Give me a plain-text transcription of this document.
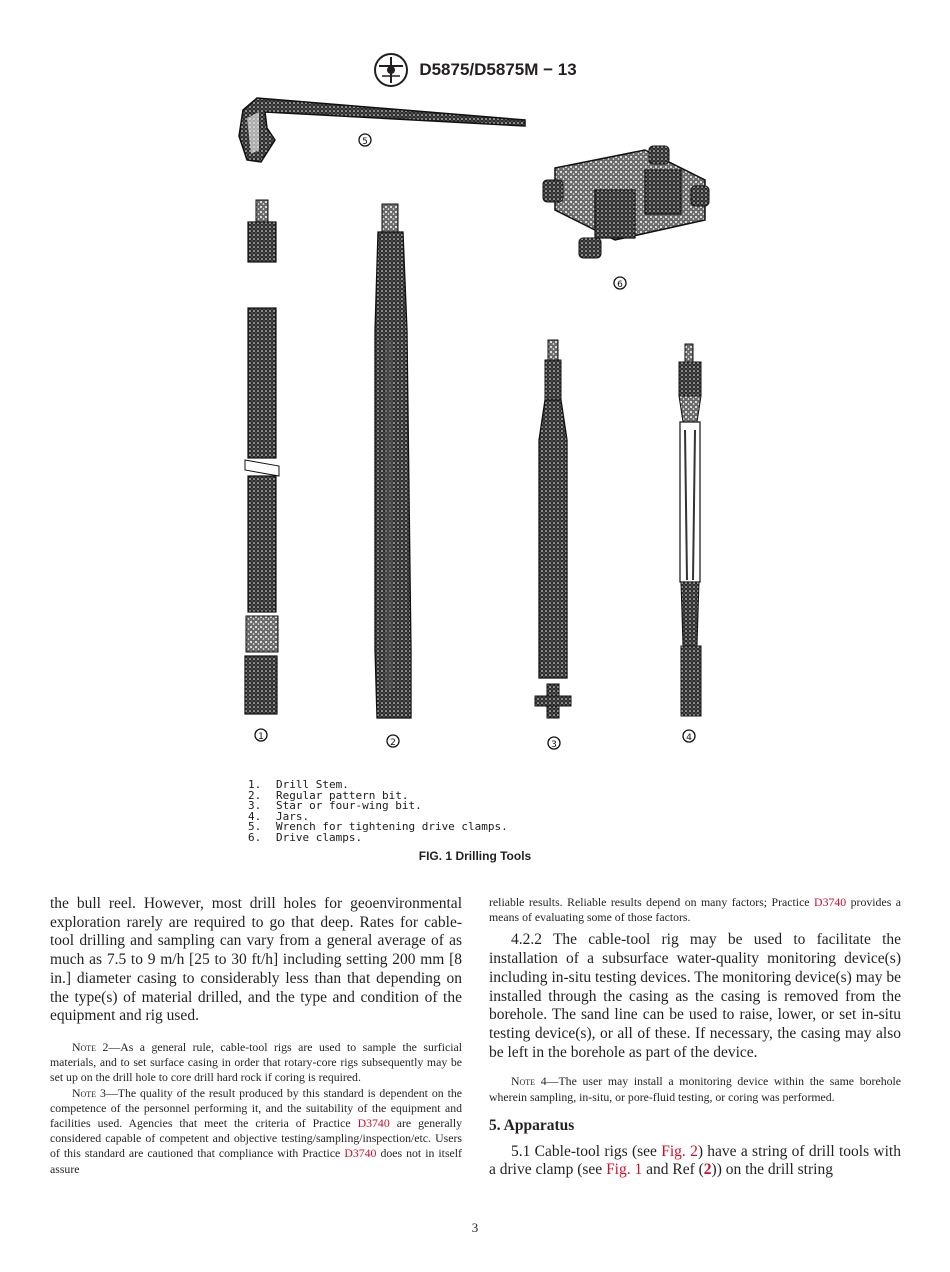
D5875/D5875M − 13
5
6
1
2	3
4
1. Drill Stem.
2. Regular pattern bit.
3. Star or four-wing bit.
4. Jars.
5. Wrench for tightening drive clamps.
6. Drive clamps.
FIG. 1 Drilling Tools

the bull reel. However, most drill holes for geoenvironmental exploration rarely are required to go that deep. Rates for cable-tool drilling and sampling can vary from a general average of as much as 7.5 to 9 m/h [25 to 30 ft/h] including setting 200 mm [8 in.] diameter casing to considerably less than that depending on the type(s) of material drilled, and the type and condition of the equipment and rig used.

Note 2—As a general rule, cable-tool rigs are used to sample the surficial materials, and to set surface casing in order that rotary-core rigs subsequently may be set up on the drill hole to core drill hard rock if coring is required.

Note 3—The quality of the result produced by this standard is dependent on the competence of the personnel performing it, and the suitability of the equipment and facilities used. Agencies that meet the criteria of Practice D3740 are generally considered capable of competent and objective testing/sampling/inspection/etc. Users of this standard are cautioned that compliance with Practice D3740 does not in itself assure

reliable results. Reliable results depend on many factors; Practice D3740 provides a means of evaluating some of those factors.

4.2.2 The cable-tool rig may be used to facilitate the installation of a subsurface water-quality monitoring device(s) including in-situ testing devices. The monitoring device(s) may be installed through the casing as the casing is removed from the borehole. The sand line can be used to raise, lower, or set in-situ testing device(s), or all of these. If necessary, the casing may also be left in the borehole as part of the device.

Note 4—The user may install a monitoring device within the same borehole wherein sampling, in-situ, or pore-fluid testing, or coring was performed.

5. Apparatus

5.1 Cable-tool rigs (see Fig. 2) have a string of drill tools with a drive clamp (see Fig. 1 and Ref (2)) on the drill string

3
